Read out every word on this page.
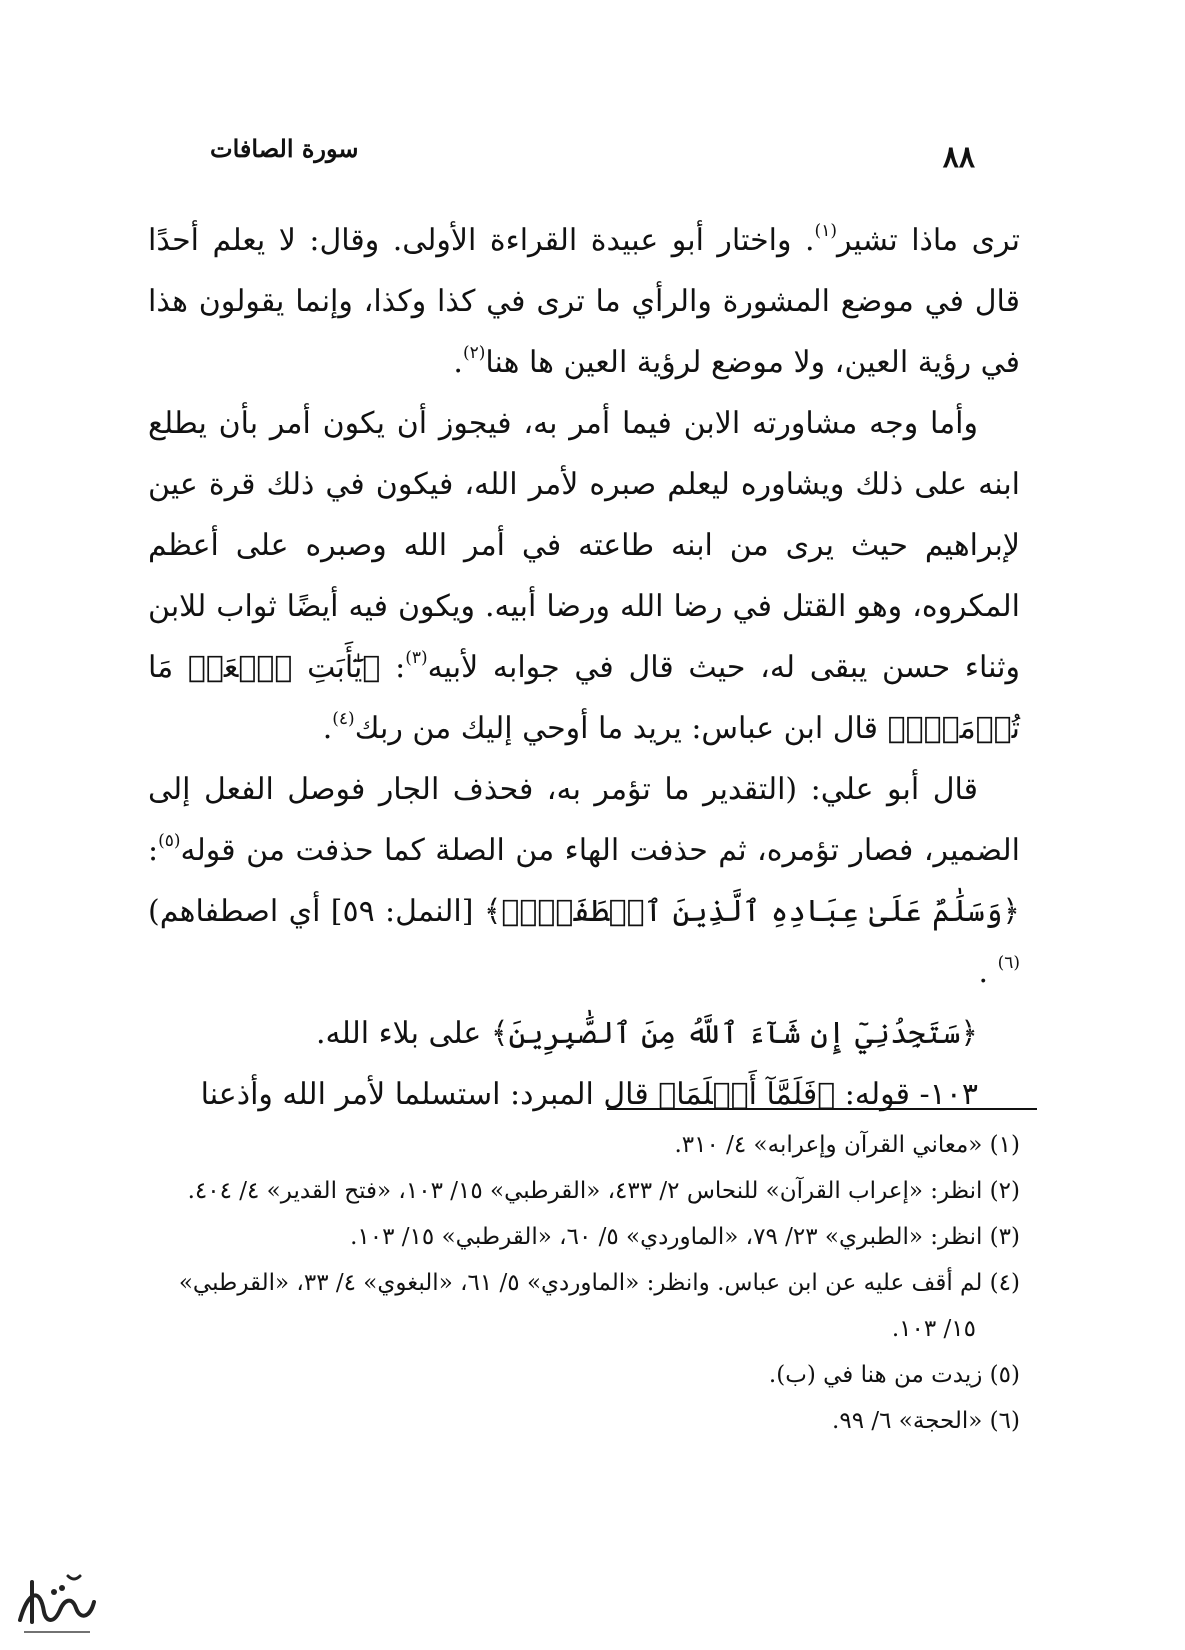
٨٨
سورة الصافات

ترى ماذا تشير$^{(١)}$. واختار أبو عبيدة القراءة الأولى. وقال: لا يعلم أحدًا قال في موضع المشورة والرأي ما ترى في كذا وكذا، وإنما يقولون هذا في رؤية العين، ولا موضع لرؤية العين ها هنا$^{(٢)}$.

وأما وجه مشاورته الابن فيما أمر به، فيجوز أن يكون أمر بأن يطلع ابنه على ذلك ويشاوره ليعلم صبره لأمر الله، فيكون في ذلك قرة عين لإبراهيم حيث يرى من ابنه طاعته في أمر الله وصبره على أعظم المكروه، وهو القتل في رضا الله ورضا أبيه. ويكون فيه أيضًا ثواب للابن وثناء حسن يبقى له، حيث قال في جوابه لأبيه$^{(٣)}$: ﴿يَٰٓأَبَتِ ٱفۡعَلۡ مَا تُؤۡمَرُۖ﴾ قال ابن عباس: يريد ما أوحي إليك من ربك$^{(٤)}$.

قال أبو علي: (التقدير ما تؤمر به، فحذف الجار فوصل الفعل إلى الضمير، فصار تؤمره، ثم حذفت الهاء من الصلة كما حذفت من قوله$^{(٥)}$: ﴿وَسَلَٰمٌ عَلَىٰ عِبَادِهِ ٱلَّذِينَ ٱصۡطَفَىٰٓۗ﴾ [النمل: ٥٩] أي اصطفاهم)$^{(٦)}$ .

﴿سَتَجِدُنِيٓ إِن شَآءَ ٱللَّهُ مِنَ ٱلصَّٰبِرِينَ﴾ على بلاء الله.

١٠٣- قوله: ﴿فَلَمَّآ أَسۡلَمَا﴾ قال المبرد: استسلما لأمر الله وأذعنا

(١) «معاني القرآن وإعرابه» ٤/ ٣١٠.

(٢) انظر: «إعراب القرآن» للنحاس ٢/ ٤٣٣، «القرطبي» ١٥/ ١٠٣، «فتح القدير» ٤/ ٤٠٤.

(٣) انظر: «الطبري» ٢٣/ ٧٩، «الماوردي» ٥/ ٦٠، «القرطبي» ١٥/ ١٠٣.

(٤) لم أقف عليه عن ابن عباس. وانظر: «الماوردي» ٥/ ٦١، «البغوي» ٤/ ٣٣، «القرطبي» ١٥/ ١٠٣.

(٥) زيدت من هنا في (ب).

(٦) «الحجة» ٦/ ٩٩.
